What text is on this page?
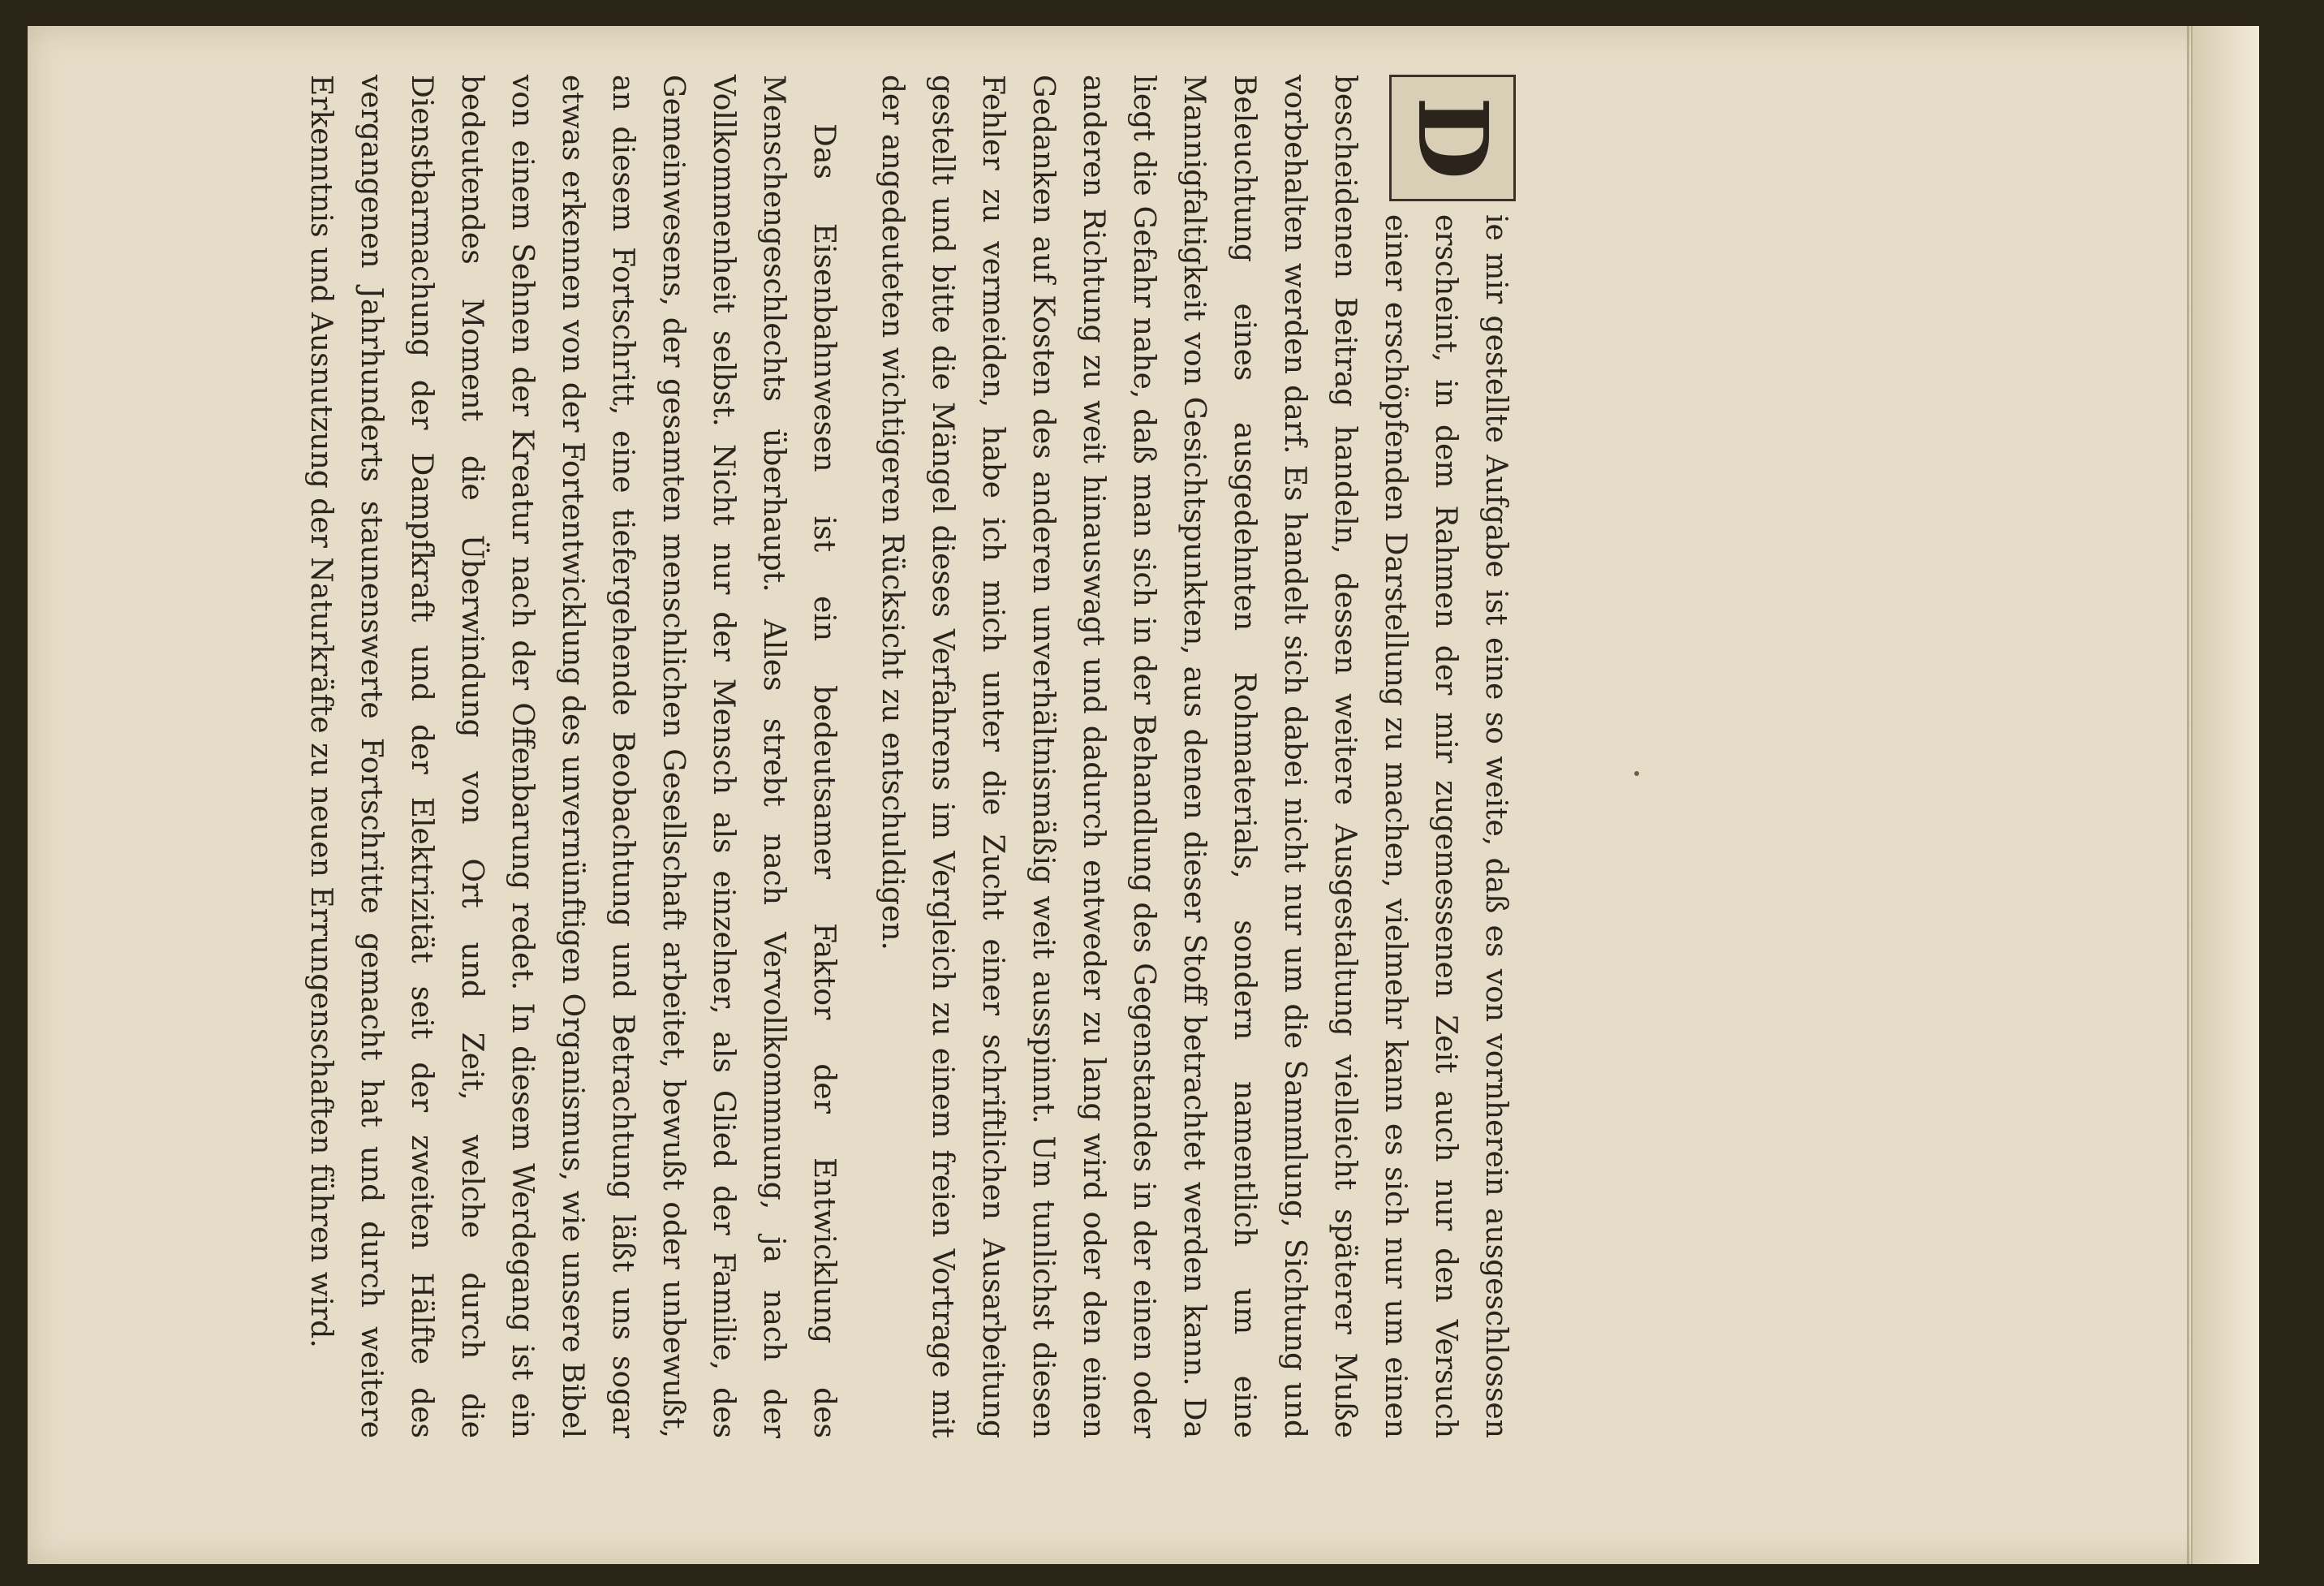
D
ie mir gestellte Aufgabe ist eine so weite, daß es von vornherein ausgeschlossen erscheint, in dem Rahmen der mir zugemessenen Zeit auch nur den Versuch einer erschöpfenden Darstellung zu machen, vielmehr kann es sich nur um einen bescheidenen Beitrag handeln, dessen weitere Ausgestaltung vielleicht späterer Muße vorbehalten werden darf. Es handelt sich dabei nicht nur um die Sammlung, Sichtung und Beleuchtung eines ausgedehnten Rohmaterials, sondern namentlich um eine Mannigfaltigkeit von Gesichtspunkten, aus denen dieser Stoff betrachtet werden kann. Da liegt die Gefahr nahe, daß man sich in der Behandlung des Gegenstandes in der einen oder anderen Richtung zu weit hinauswagt und dadurch entweder zu lang wird oder den einen Gedanken auf Kosten des anderen unverhältnismäßig weit ausspinnt. Um tunlichst diesen Fehler zu vermeiden, habe ich mich unter die Zucht einer schriftlichen Ausarbeitung gestellt und bitte die Mängel dieses Verfahrens im Vergleich zu einem freien Vortrage mit der angedeuteten wichtigeren Rücksicht zu entschuldigen.

Das Eisenbahnwesen ist ein bedeutsamer Faktor der Entwicklung des Menschengeschlechts überhaupt. Alles strebt nach Vervollkommnung, ja nach der Vollkommenheit selbst. Nicht nur der Mensch als einzelner, als Glied der Familie, des Gemeinwesens, der gesamten menschlichen Gesellschaft arbeitet, bewußt oder unbewußt, an diesem Fortschritt, eine tiefergehende Beobachtung und Betrachtung läßt uns sogar etwas erkennen von der Fortentwicklung des unvernünftigen Organismus, wie unsere Bibel von einem Sehnen der Kreatur nach der Offenbarung redet. In diesem Werdegang ist ein bedeutendes Moment die Überwindung von Ort und Zeit, welche durch die Dienstbarmachung der Dampfkraft und der Elektrizität seit der zweiten Hälfte des vergangenen Jahrhunderts staunenswerte Fortschritte gemacht hat und durch weitere Erkenntnis und Ausnutzung der Naturkräfte zu neuen Errungenschaften führen wird.
